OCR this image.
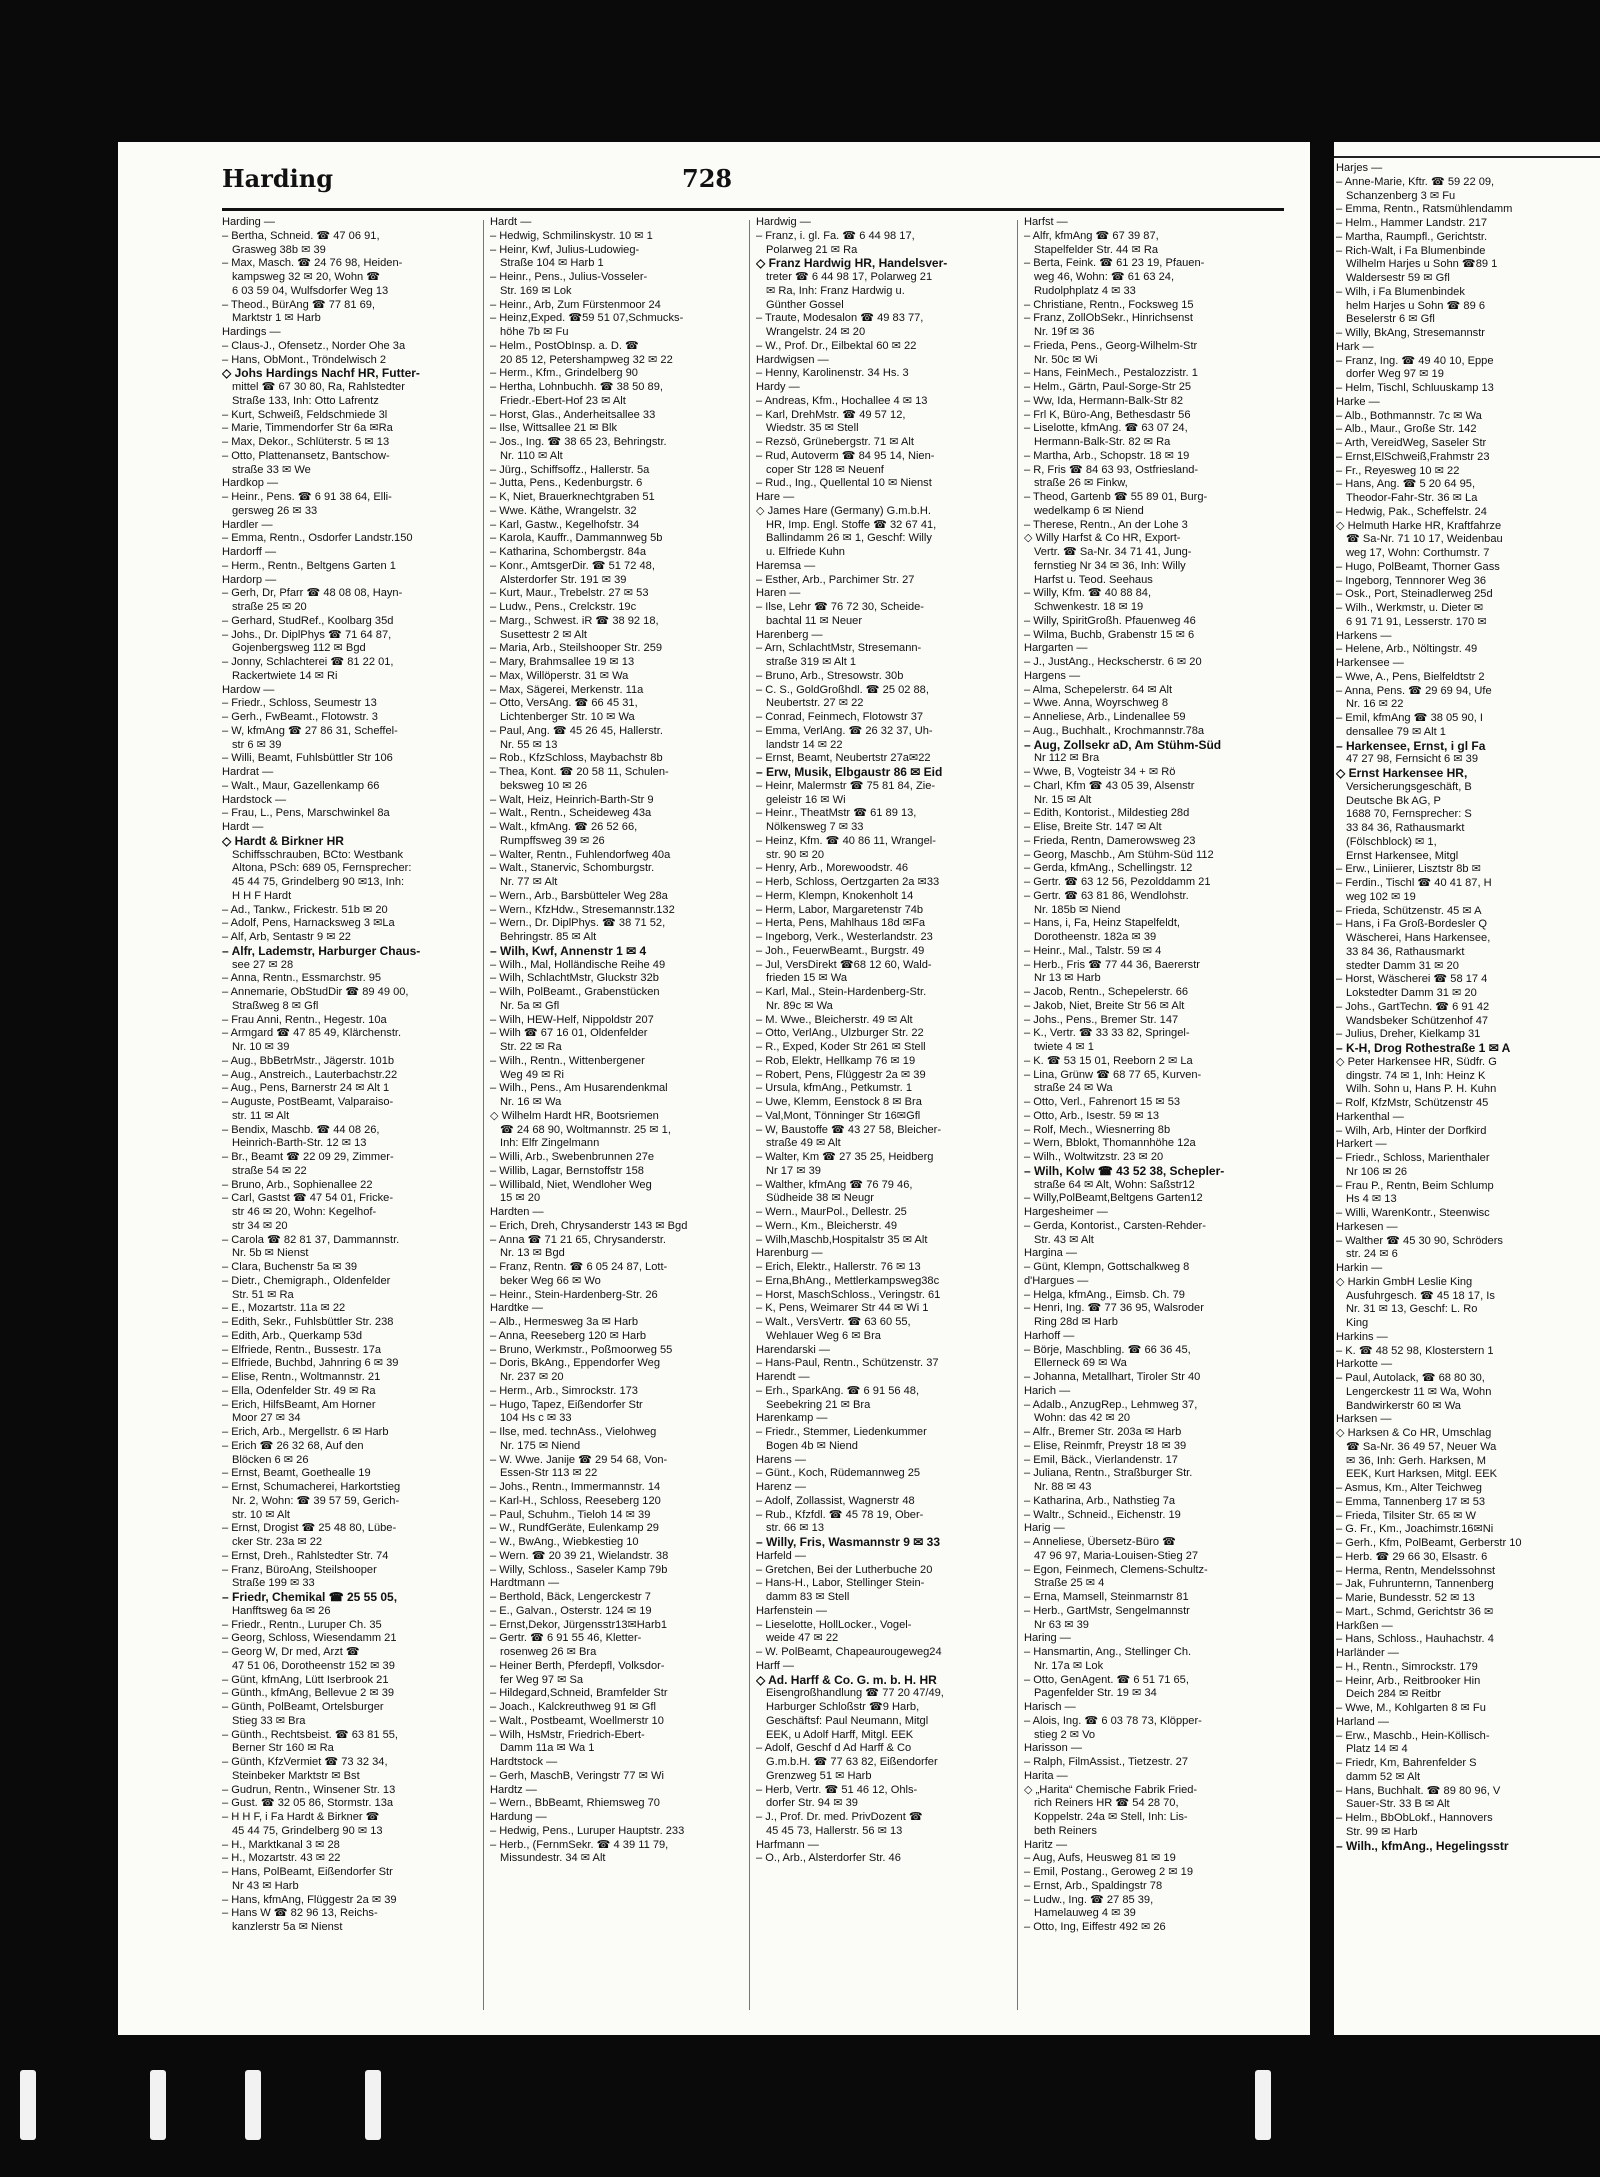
Harding	728
Harding —
– Bertha, Schneid. ☎ 47 06 91,
Grasweg 38b ✉ 39
– Max, Masch. ☎ 24 76 98, Heiden-
kampsweg 32 ✉ 20, Wohn ☎
6 03 59 04, Wulfsdorfer Weg 13
– Theod., BürAng ☎ 77 81 69,
Marktstr 1 ✉ Harb
Hardings —
– Claus-J., Ofensetz., Norder Ohe 3a
– Hans, ObMont., Tröndelwisch 2
◇ Johs Hardings Nachf HR, Futter-
mittel ☎ 67 30 80, Ra, Rahlstedter
Straße 133, Inh: Otto Lafrentz
– Kurt, Schweiß, Feldschmiede 3l
– Marie, Timmendorfer Str 6a ✉Ra
– Max, Dekor., Schlüterstr. 5 ✉ 13
– Otto, Plattenansetz, Bantschow-
straße 33 ✉ We
Hardkop —
– Heinr., Pens. ☎ 6 91 38 64, Elli-
gersweg 26 ✉ 33
Hardler —
– Emma, Rentn., Osdorfer Landstr.150
Hardorff —
– Herm., Rentn., Beltgens Garten 1
Hardorp —
– Gerh, Dr, Pfarr ☎ 48 08 08, Hayn-
straße 25 ✉ 20
– Gerhard, StudRef., Koolbarg 35d
– Johs., Dr. DiplPhys ☎ 71 64 87,
Gojenbergsweg 112 ✉ Bgd
– Jonny, Schlachterei ☎ 81 22 01,
Rackertwiete 14 ✉ Ri
Hardow —
– Friedr., Schloss, Seumestr 13
– Gerh., FwBeamt., Flotowstr. 3
– W, kfmAng ☎ 27 86 31, Scheffel-
str 6 ✉ 39
– Willi, Beamt, Fuhlsbüttler Str 106
Hardrat —
– Walt., Maur, Gazellenkamp 66
Hardstock —
– Frau, L., Pens, Marschwinkel 8a
Hardt —
◇ Hardt & Birkner HR
Schiffsschrauben, BCto: Westbank
Altona, PSch: 689 05, Fernsprecher:
45 44 75, Grindelberg 90 ✉13, Inh:
H H F Hardt
– Ad., Tankw., Frickestr. 51b ✉ 20
– Adolf, Pens, Harnacksweg 3 ✉La
– Alf, Arb, Sentastr 9 ✉ 22
– Alfr, Lademstr, Harburger Chaus-
see 27 ✉ 28
– Anna, Rentn., Essmarchstr. 95
– Annemarie, ObStudDir ☎ 89 49 00,
Straßweg 8 ✉ Gfl
– Frau Anni, Rentn., Hegestr. 10a
– Armgard ☎ 47 85 49, Klärchenstr.
Nr. 10 ✉ 39
– Aug., BbBetrMstr., Jägerstr. 101b
– Aug., Anstreich., Lauterbachstr.22
– Aug., Pens, Barnerstr 24 ✉ Alt 1
– Auguste, PostBeamt, Valparaiso-
str. 11 ✉ Alt
– Bendix, Maschb. ☎ 44 08 26,
Heinrich-Barth-Str. 12 ✉ 13
– Br., Beamt ☎ 22 09 29, Zimmer-
straße 54 ✉ 22
– Bruno, Arb., Sophienallee 22
– Carl, Gastst ☎ 47 54 01, Fricke-
str 46 ✉ 20, Wohn: Kegelhof-
str 34 ✉ 20
– Carola ☎ 82 81 37, Dammannstr.
Nr. 5b ✉ Nienst
– Clara, Buchenstr 5a ✉ 39
– Dietr., Chemigraph., Oldenfelder
Str. 51 ✉ Ra
– E., Mozartstr. 11a ✉ 22
– Edith, Sekr., Fuhlsbüttler Str. 238
– Edith, Arb., Querkamp 53d
– Elfriede, Rentn., Bussestr. 17a
– Elfriede, Buchbd, Jahnring 6 ✉ 39
– Elise, Rentn., Woltmannstr. 21
– Ella, Odenfelder Str. 49 ✉ Ra
– Erich, HilfsBeamt, Am Horner
Moor 27 ✉ 34
– Erich, Arb., Mergellstr. 6 ✉ Harb
– Erich ☎ 26 32 68, Auf den
Blöcken 6 ✉ 26
– Ernst, Beamt, Goethealle 19
– Ernst, Schumacherei, Harkortstieg
Nr. 2, Wohn: ☎ 39 57 59, Gerich-
str. 10 ✉ Alt
– Ernst, Drogist ☎ 25 48 80, Lübe-
cker Str. 23a ✉ 22
– Ernst, Dreh., Rahlstedter Str. 74
– Franz, BüroAng, Steilshooper
Straße 199 ✉ 33
– Friedr, Chemikal ☎ 25 55 05,
Hanfftsweg 6a ✉ 26
– Friedr., Rentn., Luruper Ch. 35
– Georg, Schloss, Wiesendamm 21
– Georg W, Dr med, Arzt ☎
47 51 06, Dorotheenstr 152 ✉ 39
– Günt, kfmAng, Lütt Iserbrook 21
– Günth., kfmAng, Bellevue 2 ✉ 39
– Günth, PolBeamt, Ortelsburger
Stieg 33 ✉ Bra
– Günth., Rechtsbeist. ☎ 63 81 55,
Berner Str 160 ✉ Ra
– Günth, KfzVermiet ☎ 73 32 34,
Steinbeker Marktstr ✉ Bst
– Gudrun, Rentn., Winsener Str. 13
– Gust. ☎ 32 05 86, Stormstr. 13a
– H H F, i Fa Hardt & Birkner ☎
45 44 75, Grindelberg 90 ✉ 13
– H., Marktkanal 3 ✉ 28
– H., Mozartstr. 43 ✉ 22
– Hans, PolBeamt, Eißendorfer Str
Nr 43 ✉ Harb
– Hans, kfmAng, Flüggestr 2a ✉ 39
– Hans W ☎ 82 96 13, Reichs-
kanzlerstr 5a ✉ Nienst
Hardt —
– Hedwig, Schmilinskystr. 10 ✉ 1
– Heinr, Kwf, Julius-Ludowieg-
Straße 104 ✉ Harb 1
– Heinr., Pens., Julius-Vosseler-
Str. 169 ✉ Lok
– Heinr., Arb, Zum Fürstenmoor 24
– Heinz,Exped. ☎59 51 07,Schmucks-
höhe 7b ✉ Fu
– Helm., PostObInsp. a. D. ☎
20 85 12, Petershampweg 32 ✉ 22
– Herm., Kfm., Grindelberg 90
– Hertha, Lohnbuchh. ☎ 38 50 89,
Friedr.-Ebert-Hof 23 ✉ Alt
– Horst, Glas., Anderheitsallee 33
– Ilse, Wittsallee 21 ✉ Blk
– Jos., Ing. ☎ 38 65 23, Behringstr.
Nr. 110 ✉ Alt
– Jürg., Schiffsoffz., Hallerstr. 5a
– Jutta, Pens., Kedenburgstr. 6
– K, Niet, Brauerknechtgraben 51
– Wwe. Käthe, Wrangelstr. 32
– Karl, Gastw., Kegelhofstr. 34
– Karola, Kauffr., Dammannweg 5b
– Katharina, Schombergstr. 84a
– Konr., AmtsgerDir. ☎ 51 72 48,
Alsterdorfer Str. 191 ✉ 39
– Kurt, Maur., Trebelstr. 27 ✉ 53
– Ludw., Pens., Crelckstr. 19c
– Marg., Schwest. iR ☎ 38 92 18,
Susettestr 2 ✉ Alt
– Maria, Arb., Steilshooper Str. 259
– Mary, Brahmsallee 19 ✉ 13
– Max, Willöperstr. 31 ✉ Wa
– Max, Sägerei, Merkenstr. 11a
– Otto, VersAng. ☎ 66 45 31,
Lichtenberger Str. 10 ✉ Wa
– Paul, Ang. ☎ 45 26 45, Hallerstr.
Nr. 55 ✉ 13
– Rob., KfzSchloss, Maybachstr 8b
– Thea, Kont. ☎ 20 58 11, Schulen-
beksweg 10 ✉ 26
– Walt, Heiz, Heinrich-Barth-Str 9
– Walt., Rentn., Scheideweg 43a
– Walt., kfmAng. ☎ 26 52 66,
Rumpffsweg 39 ✉ 26
– Walter, Rentn., Fuhlendorfweg 40a
– Walt., Stanerviс, Schomburgstr.
Nr. 77 ✉ Alt
– Wern., Arb., Barsbütteler Weg 28a
– Wern., KfzHdw., Stresemannstr.132
– Wern., Dr. DiplPhys. ☎ 38 71 52,
Behringstr. 85 ✉ Alt
– Wilh, Kwf, Annenstr 1 ✉ 4
– Wilh., Mal, Holländische Reihe 49
– Wilh, SchlachtMstr, Gluckstr 32b
– Wilh, PolBeamt., Grabenstücken
Nr. 5a ✉ Gfl
– Wilh, HEW-Helf, Nippoldstr 207
– Wilh ☎ 67 16 01, Oldenfelder
Str. 22 ✉ Ra
– Wilh., Rentn., Wittenbergener
Weg 49 ✉ Ri
– Wilh., Pens., Am Husarendenkmal
Nr. 16 ✉ Wa
◇ Wilhelm Hardt HR, Bootsriemen
☎ 24 68 90, Woltmannstr. 25 ✉ 1,
Inh: Elfr Zingelmann
– Willi, Arb., Swebenbrunnen 27e
– Willib, Lagar, Bernstoffstr 158
– Willibald, Niet, Wendloher Weg
15 ✉ 20
Hardten —
– Erich, Dreh, Chrysanderstr 143 ✉ Bgd
– Anna ☎ 71 21 65, Chrysanderstr.
Nr. 13 ✉ Bgd
– Franz, Rentn. ☎ 6 05 24 87, Lott-
beker Weg 66 ✉ Wo
– Heinr., Stein-Hardenberg-Str. 26
Hardtke —
– Alb., Hermesweg 3a ✉ Harb
– Anna, Reeseberg 120 ✉ Harb
– Bruno, Werkmstr., Poßmoorweg 55
– Doris, BkAng., Eppendorfer Weg
Nr. 237 ✉ 20
– Herm., Arb., Simrockstr. 173
– Hugo, Tapez, Eißendorfer Str
104 Hs c ✉ 33
– Ilse, med. technAss., Vielohweg
Nr. 175 ✉ Niend
– W. Wwe. Janije ☎ 29 54 68, Von-
Essen-Str 113 ✉ 22
– Johs., Rentn., Immermannstr. 14
– Karl-H., Schloss, Reeseberg 120
– Paul, Schuhm., Tieloh 14 ✉ 39
– W., RundfGeräte, Eulenkamp 29
– W., BwAng., Wiebkestieg 10
– Wern. ☎ 20 39 21, Wielandstr. 38
– Willy, Schloss., Saseler Kamp 79b
Hardtmann —
– Berthold, Bäck, Lengerckestr 7
– E., Galvan., Osterstr. 124 ✉ 19
– Ernst,Dekor, Jürgensstr13✉Harb1
– Gertr. ☎ 6 91 55 46, Kletter-
rosenweg 26 ✉ Bra
– Heiner Berth, Pferdepfl, Volksdor-
fer Weg 97 ✉ Sa
– Hildegard,Schneid, Bramfelder Str
– Joach., Kalckreuthweg 91 ✉ Gfl
– Walt., Postbeamt, Woellmerstr 10
– Wilh, HsMstr, Friedrich-Ebert-
Damm 11a ✉ Wa 1
Hardtstock —
– Gerh, MaschB, Veringstr 77 ✉ Wi
Hardtz —
– Wern., BbBeamt, Rhiemsweg 70
Hardung —
– Hedwig, Pens., Luruper Hauptstr. 233
– Herb., (FernmSekr. ☎ 4 39 11 79,
Missundestr. 34 ✉ Alt
Hardwig —
– Franz, i. gl. Fa. ☎ 6 44 98 17,
Polarweg 21 ✉ Ra
◇ Franz Hardwig HR, Handelsver-
treter ☎ 6 44 98 17, Polarweg 21
✉ Ra, Inh: Franz Hardwig u.
Günther Gossel
– Traute, Modesalon ☎ 49 83 77,
Wrangelstr. 24 ✉ 20
– W., Prof. Dr., Eilbektal 60 ✉ 22
Hardwigsen —
– Henny, Karolinenstr. 34 Hs. 3
Hardy —
– Andreas, Kfm., Hochallee 4 ✉ 13
– Karl, DrehMstr. ☎ 49 57 12,
Wiedstr. 35 ✉ Stell
– Rezsö, Grünebergstr. 71 ✉ Alt
– Rud, Autoverm ☎ 84 95 14, Nien-
coper Str 128 ✉ Neuenf
– Rud., Ing., Quellental 10 ✉ Nienst
Hare —
◇ James Hare (Germany) G.m.b.H.
HR, Imp. Engl. Stoffe ☎ 32 67 41,
Ballindamm 26 ✉ 1, Geschf: Willy
u. Elfriede Kuhn
Haremsa —
– Esther, Arb., Parchimer Str. 27
Haren —
– Ilse, Lehr ☎ 76 72 30, Scheide-
bachtal 11 ✉ Neuer
Harenberg —
– Arn, SchlachtMstr, Stresemann-
straße 319 ✉ Alt 1
– Bruno, Arb., Stresowstr. 30b
– C. S., GoldGroßhdl. ☎ 25 02 88,
Neubertstr. 27 ✉ 22
– Conrad, Feinmech, Flotowstr 37
– Emma, VerlAng. ☎ 26 32 37, Uh-
landstr 14 ✉ 22
– Ernst, Beamt, Neubertstr 27a✉22
– Erw, Musik, Elbgaustr 86 ✉ Eid
– Heinr, Malermstr ☎ 75 81 84, Zie-
geleistr 16 ✉ Wi
– Heinr., TheatMstr ☎ 61 89 13,
Nölkensweg 7 ✉ 33
– Heinz, Kfm. ☎ 40 86 11, Wrangel-
str. 90 ✉ 20
– Henry, Arb., Morewoodstr. 46
– Herb, Schloss, Oertzgarten 2a ✉33
– Herm, Klempn, Knokenholt 14
– Herm, Labor, Margaretenstr 74b
– Herta, Pens, Mahlhaus 18d ✉Fa
– Ingeborg, Verk., Westerlandstr. 23
– Joh., FeuerwBeamt., Burgstr. 49
– Jul, VersDirekt ☎68 12 60, Wald-
frieden 15 ✉ Wa
– Karl, Mal., Stein-Hardenberg-Str.
Nr. 89c ✉ Wa
– M. Wwe., Bleicherstr. 49 ✉ Alt
– Otto, VerlAng., Ulzburger Str. 22
– R., Exped, Koder Str 261 ✉ Stell
– Rob, Elektr, Hellkamp 76 ✉ 19
– Robert, Pens, Flüggestr 2a ✉ 39
– Ursula, kfmAng., Petkumstr. 1
– Uwe, Klemm, Eenstock 8 ✉ Bra
– Val,Mont, Tönninger Str 16✉Gfl
– W, Baustoffe ☎ 43 27 58, Bleicher-
straße 49 ✉ Alt
– Walter, Km ☎ 27 35 25, Heidberg
Nr 17 ✉ 39
– Walther, kfmAng ☎ 76 79 46,
Südheide 38 ✉ Neugr
– Wern., MaurPol., Dellestr. 25
– Wern., Km., Bleicherstr. 49
– Wilh,Maschb,Hospitalstr 35 ✉ Alt
Harenburg —
– Erich, Elektr., Hallerstr. 76 ✉ 13
– Erna,BhAng., Mettlerkampsweg38c
– Horst, MaschSchloss., Veringstr. 61
– K, Pens, Weimarer Str 44 ✉ Wi 1
– Walt., VersVertr. ☎ 63 60 55,
Wehlauer Weg 6 ✉ Bra
Harendarski —
– Hans-Paul, Rentn., Schützenstr. 37
Harendt —
– Erh., SparkAng. ☎ 6 91 56 48,
Seebekring 21 ✉ Bra
Harenkamp —
– Friedr., Stemmer, Liedenkummer
Bogen 4b ✉ Niend
Harens —
– Günt., Koch, Rüdemannweg 25
Harenz —
– Adolf, Zollassist, Wagnerstr 48
– Rub., Kfzfdl. ☎ 45 78 19, Ober-
str. 66 ✉ 13
– Willy, Fris, Wasmannstr 9 ✉ 33
Harfeld —
– Gretchen, Bei der Lutherbuche 20
– Hans-H., Labor, Stellinger Stein-
damm 83 ✉ Stell
Harfenstein —
– Lieselotte, HollLocker., Vogel-
weide 47 ✉ 22
– W. PolBeamt, Chapeaurougeweg24
Harff —
◇ Ad. Harff & Co. G. m. b. H. HR
Eisengroßhandlung ☎ 77 20 47/49,
Harburger Schloßstr ☎9 Harb,
Geschäftsf: Paul Neumann, Mitgl
EEK, u Adolf Harff, Mitgl. EEK
– Adolf, Geschf d Ad Harff & Co
G.m.b.H. ☎ 77 63 82, Eißendorfer
Grenzweg 51 ✉ Harb
– Herb, Vertr. ☎ 51 46 12, Ohls-
dorfer Str. 94 ✉ 39
– J., Prof. Dr. med. PrivDozent ☎
45 45 73, Hallerstr. 56 ✉ 13
Harfmann —
– O., Arb., Alsterdorfer Str. 46
Harfst —
– Alfr, kfmAng ☎ 67 39 87,
Stapelfelder Str. 44 ✉ Ra
– Berta, Feink. ☎ 61 23 19, Pfauen-
weg 46, Wohn: ☎ 61 63 24,
Rudolphplatz 4 ✉ 33
– Christiane, Rentn., Focksweg 15
– Franz, ZollObSekr., Hinrichsenst
Nr. 19f ✉ 36
– Frieda, Pens., Georg-Wilhelm-Str
Nr. 50c ✉ Wi
– Hans, FeinMech., Pestalozzistr. 1
– Helm., Gärtn, Paul-Sorge-Str 25
– Ww, Ida, Hermann-Balk-Str 82
– Frl K, Büro-Ang, Bethesdastr 56
– Liselotte, kfmAng. ☎ 63 07 24,
Hermann-Balk-Str. 82 ✉ Ra
– Martha, Arb., Schopstr. 18 ✉ 19
– R, Fris ☎ 84 63 93, Ostfriesland-
straße 26 ✉ Finkw,
– Theod, Gartenb ☎ 55 89 01, Burg-
wedelkamp 6 ✉ Niend
– Therese, Rentn., An der Lohe 3
◇ Willy Harfst & Co HR, Export-
Vertr. ☎ Sa-Nr. 34 71 41, Jung-
fernstieg Nr 34 ✉ 36, Inh: Willy
Harfst u. Teod. Seehaus
– Willy, Kfm. ☎ 40 88 84,
Schwenkestr. 18 ✉ 19
– Willy, SpiritGroßh. Pfauenweg 46
– Wilma, Buchb, Grabenstr 15 ✉ 6
Hargarten —
– J., JustAng., Heckscherstr. 6 ✉ 20
Hargens —
– Alma, Schepelerstr. 64 ✉ Alt
– Wwe. Anna, Woyrschweg 8
– Anneliese, Arb., Lindenallee 59
– Aug., Buchhalt., Krochmannstr.78a
– Aug, Zollsekr aD, Am Stühm-Süd
Nr 112 ✉ Bra
– Wwe, B, Vogteistr 34 + ✉ Rö
– Charl, Kfm ☎ 43 05 39, Alsenstr
Nr. 15 ✉ Alt
– Edith, Kontorist., Mildestieg 28d
– Elise, Breite Str. 147 ✉ Alt
– Frieda, Rentn, Damerowsweg 23
– Georg, Maschb., Am Stühm-Süd 112
– Gerda, kfmAng., Schellingstr. 12
– Gertr. ☎ 63 12 56, Pezolddamm 21
– Gertr. ☎ 63 81 86, Wendlohstr.
Nr. 185b ✉ Niend
– Hans, i, Fa, Heinz Stapelfeldt,
Dorotheenstr. 182a ✉ 39
– Heinr., Mal., Talstr. 59 ✉ 4
– Herb., Fris ☎ 77 44 36, Baererstr
Nr 13 ✉ Harb
– Jacob, Rentn., Schepelerstr. 66
– Jakob, Niet, Breite Str 56 ✉ Alt
– Johs., Pens., Bremer Str. 147
– K., Vertr. ☎ 33 33 82, Springel-
twiete 4 ✉ 1
– K. ☎ 53 15 01, Reeborn 2 ✉ La
– Lina, Grünw ☎ 68 77 65, Kurven-
straße 24 ✉ Wa
– Otto, Verl., Fahrenort 15 ✉ 53
– Otto, Arb., Isestr. 59 ✉ 13
– Rolf, Mech., Wiesnerring 8b
– Wern, Bblokt, Thomannhöhe 12a
– Wilh., Woltwitzstr. 23 ✉ 20
– Wilh, Kolw ☎ 43 52 38, Schepler-
straße 64 ✉ Alt, Wohn: Saßstr12
– Willy,PolBeamt,Beltgens Garten12
Hargesheimer —
– Gerda, Kontorist., Carsten-Rehder-
Str. 43 ✉ Alt
Hargina —
– Günt, Klempn, Gottschalkweg 8
d'Hargues —
– Helga, kfmAng., Eimsb. Ch. 79
– Henri, Ing. ☎ 77 36 95, Walsroder
Ring 28d ✉ Harb
Harhoff —
– Börje, Maschbling. ☎ 66 36 45,
Ellerneck 69 ✉ Wa
– Johanna, Metallhart, Tiroler Str 40
Harich —
– Adalb., AnzugRep., Lehmweg 37,
Wohn: das 42 ✉ 20
– Alfr., Bremer Str. 203a ✉ Harb
– Elise, Reinmfr, Preystr 18 ✉ 39
– Emil, Bäck., Vierlandenstr. 17
– Juliana, Rentn., Straßburger Str.
Nr. 88 ✉ 43
– Katharina, Arb., Nathstieg 7a
– Waltr., Schneid., Eichenstr. 19
Harig —
– Anneliese, Übersetz-Büro ☎
47 96 97, Maria-Louisen-Stieg 27
– Egon, Feinmech, Clemens-Schultz-
Straße 25 ✉ 4
– Erna, Mamsell, Steinmarnstr 81
– Herb., GartMstr, Sengelmannstr
Nr 63 ✉ 39
Haring —
– Hansmartin, Ang., Stellinger Ch.
Nr. 17a ✉ Lok
– Otto, GenAgent. ☎ 6 51 71 65,
Pagenfelder Str. 19 ✉ 34
Harisch —
– Alois, Ing. ☎ 6 03 78 73, Klöpper-
stieg 2 ✉ Vo
Harisson —
– Ralph, FilmAssist., Tietzestr. 27
Harita —
◇ „Harita“ Chemische Fabrik Fried-
rich Reiners HR ☎ 54 28 70,
Koppelstr. 24a ✉ Stell, Inh: Lis-
beth Reiners
Haritz —
– Aug, Aufs, Heusweg 81 ✉ 19
– Emil, Postang., Geroweg 2 ✉ 19
– Ernst, Arb., Spaldingstr 78
– Ludw., Ing. ☎ 27 85 39,
Hamelauweg 4 ✉ 39
– Otto, Ing, Eiffestr 492 ✉ 26
Harjes —
– Anne-Marie, Kftr. ☎ 59 22 09,
Schanzenberg 3 ✉ Fu
– Emma, Rentn., Ratsmühlendamm
– Helm., Hammer Landstr. 217
– Martha, Raumpfl., Gerichtstr.
– Rich-Walt, i Fa Blumenbinde
Wilhelm Harjes u Sohn ☎89 1
Waldersestr 59 ✉ Gfl
– Wilh, i Fa Blumenbindek
helm Harjes u Sohn ☎ 89 6
Beselerstr 6 ✉ Gfl
– Willy, BkAng, Stresemannstr
Hark —
– Franz, Ing. ☎ 49 40 10, Eppe
dorfer Weg 97 ✉ 19
– Helm, Tischl, Schluuskamp 13
Harke —
– Alb., Bothmannstr. 7c ✉ Wa
– Alb., Maur., Große Str. 142
– Arth, VereidWeg, Saseler Str
– Ernst,ElSchweiß,Frahmstr 23
– Fr., Reyesweg 10 ✉ 22
– Hans, Ang. ☎ 5 20 64 95,
Theodor-Fahr-Str. 36 ✉ La
– Hedwig, Pak., Scheffelstr. 24
◇ Helmuth Harke HR, Kraftfahrze
☎ Sa-Nr. 71 10 17, Weidenbau
weg 17, Wohn: Corthumstr. 7
– Hugo, PolBeamt, Thorner Gass
– Ingeborg, Tennnorer Weg 36
– Osk., Port, Steinadlerweg 25d
– Wilh., Werkmstr, u. Dieter ✉
6 91 71 91, Lesserstr. 170 ✉
Harkens —
– Helene, Arb., Nöltingstr. 49
Harkensee —
– Wwe, A., Pens, Bielfeldtstr 2
– Anna, Pens. ☎ 29 69 94, Ufe
Nr. 16 ✉ 22
– Emil, kfmAng ☎ 38 05 90, I
densallee 79 ✉ Alt 1
– Harkensee, Ernst, i gl Fa
47 27 98, Fernsicht 6 ✉ 39
◇ Ernst Harkensee HR,
Versicherungsgeschäft, B
Deutsche Bk AG, P
1688 70, Fernsprecher: S
33 84 36, Rathausmarkt
(Fölschblock) ✉ 1,
Ernst Harkensee, Mitgl
– Erw., Liniierer, Lisztstr 8b ✉
– Ferdin., Tischl ☎ 40 41 87, H
weg 102 ✉ 19
– Frieda, Schützenstr. 45 ✉ A
– Hans, i Fa Groß-Bordesler Q
Wäscherei, Hans Harkensee,
33 84 36, Rathausmarkt
stedter Damm 31 ✉ 20
– Horst, Wäscherei ☎ 58 17 4
Lokstedter Damm 31 ✉ 20
– Johs., GartTechn. ☎ 6 91 42
Wandsbeker Schützenhof 47
– Julius, Dreher, Kielkamp 31
– K-H, Drog Rothestraße 1 ✉ A
◇ Peter Harkensee HR, Südfr. G
dingstr. 74 ✉ 1, Inh: Heinz K
Wilh. Sohn u, Hans P. H. Kuhn
– Rolf, KfzMstr, Schützenstr 45
Harkenthal —
– Wilh, Arb, Hinter der Dorfkird
Harkert —
– Friedr., Schloss, Marienthaler
Nr 106 ✉ 26
– Frau P., Rentn, Beim Schlump
Hs 4 ✉ 13
– Willi, WarenKontr., Steenwisc
Harkesen —
– Walther ☎ 45 30 90, Schröders
str. 24 ✉ 6
Harkin —
◇ Harkin GmbH Leslie King
Ausfuhrgesch. ☎ 45 18 17, Is
Nr. 31 ✉ 13, Geschf: L. Ro
King
Harkins —
– K. ☎ 48 52 98, Klosterstern 1
Harkotte —
– Paul, Autolack, ☎ 68 80 30,
Lengerckestr 11 ✉ Wa, Wohn
Bandwirkerstr 60 ✉ Wa
Harksen —
◇ Harksen & Co HR, Umschlag
☎ Sa-Nr. 36 49 57, Neuer Wa
✉ 36, Inh: Gerh. Harksen, M
EEK, Kurt Harksen, Mitgl. EEK
– Asmus, Km., Alter Teichweg
– Emma, Tannenberg 17 ✉ 53
– Frieda, Tilsiter Str. 65 ✉ W
– G. Fr., Km., Joachimstr.16✉Ni
– Gerh., Kfm, PolBeamt, Gerberstr 10
– Herb. ☎ 29 66 30, Elsastr. 6
– Herma, Rentn, Mendelssohnst
– Jak, Fuhrunternn, Tannenberg
– Marie, Bundesstr. 52 ✉ 13
– Mart., Schmd, Gerichtstr 36 ✉
Harkßen —
– Hans, Schloss., Hauhachstr. 4
Harländer —
– H., Rentn., Simrockstr. 179
– Heinr, Arb., Reitbrooker Hin
Deich 284 ✉ Reitbr
– Wwe, M., Kohlgarten 8 ✉ Fu
Harland —
– Erw., Maschb., Hein-Köllisch-
Platz 14 ✉ 4
– Friedr, Km, Bahrenfelder S
damm 52 ✉ Alt
– Hans, Buchhalt. ☎ 89 80 96, V
Sauer-Str. 33 B ✉ Alt
– Helm., BbObLokf., Hannovers
Str. 99 ✉ Harb
– Wilh., kfmAng., Hegelingsstr
